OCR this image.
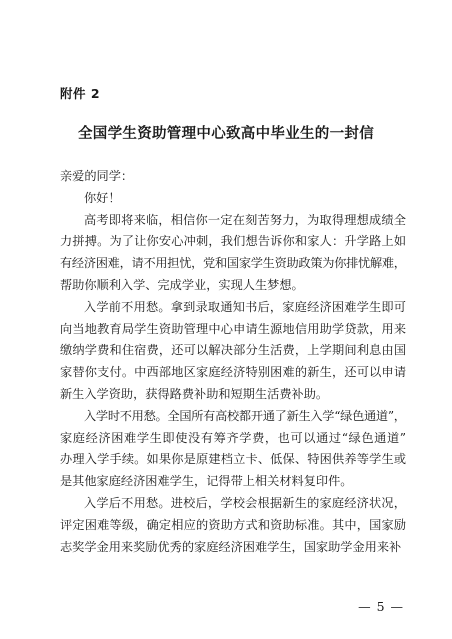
附件 2
全国学生资助管理中心致高中毕业生的一封信

亲爱的同学：

你好！

高考即将来临，相信你一定在刻苦努力，为取得理想成绩全

力拼搏。为了让你安心冲刺，我们想告诉你和家人：升学路上如

有经济困难，请不用担忧，党和国家学生资助政策为你排忧解难，

帮助你顺利入学、完成学业，实现人生梦想。

入学前不用愁。拿到录取通知书后，家庭经济困难学生即可

向当地教育局学生资助管理中心申请生源地信用助学贷款，用来

缴纳学费和住宿费，还可以解决部分生活费，上学期间利息由国

家替你支付。中西部地区家庭经济特别困难的新生，还可以申请

新生入学资助，获得路费补助和短期生活费补助。

入学时不用愁。全国所有高校都开通了新生入学“绿色通道”，

家庭经济困难学生即使没有筹齐学费，也可以通过“绿色通道”

办理入学手续。如果你是原建档立卡、低保、特困供养等学生或

是其他家庭经济困难学生，记得带上相关材料复印件。

入学后不用愁。进校后，学校会根据新生的家庭经济状况，

评定困难等级，确定相应的资助方式和资助标准。其中，国家励

志奖学金用来奖励优秀的家庭经济困难学生，国家助学金用来补

— 5 —
